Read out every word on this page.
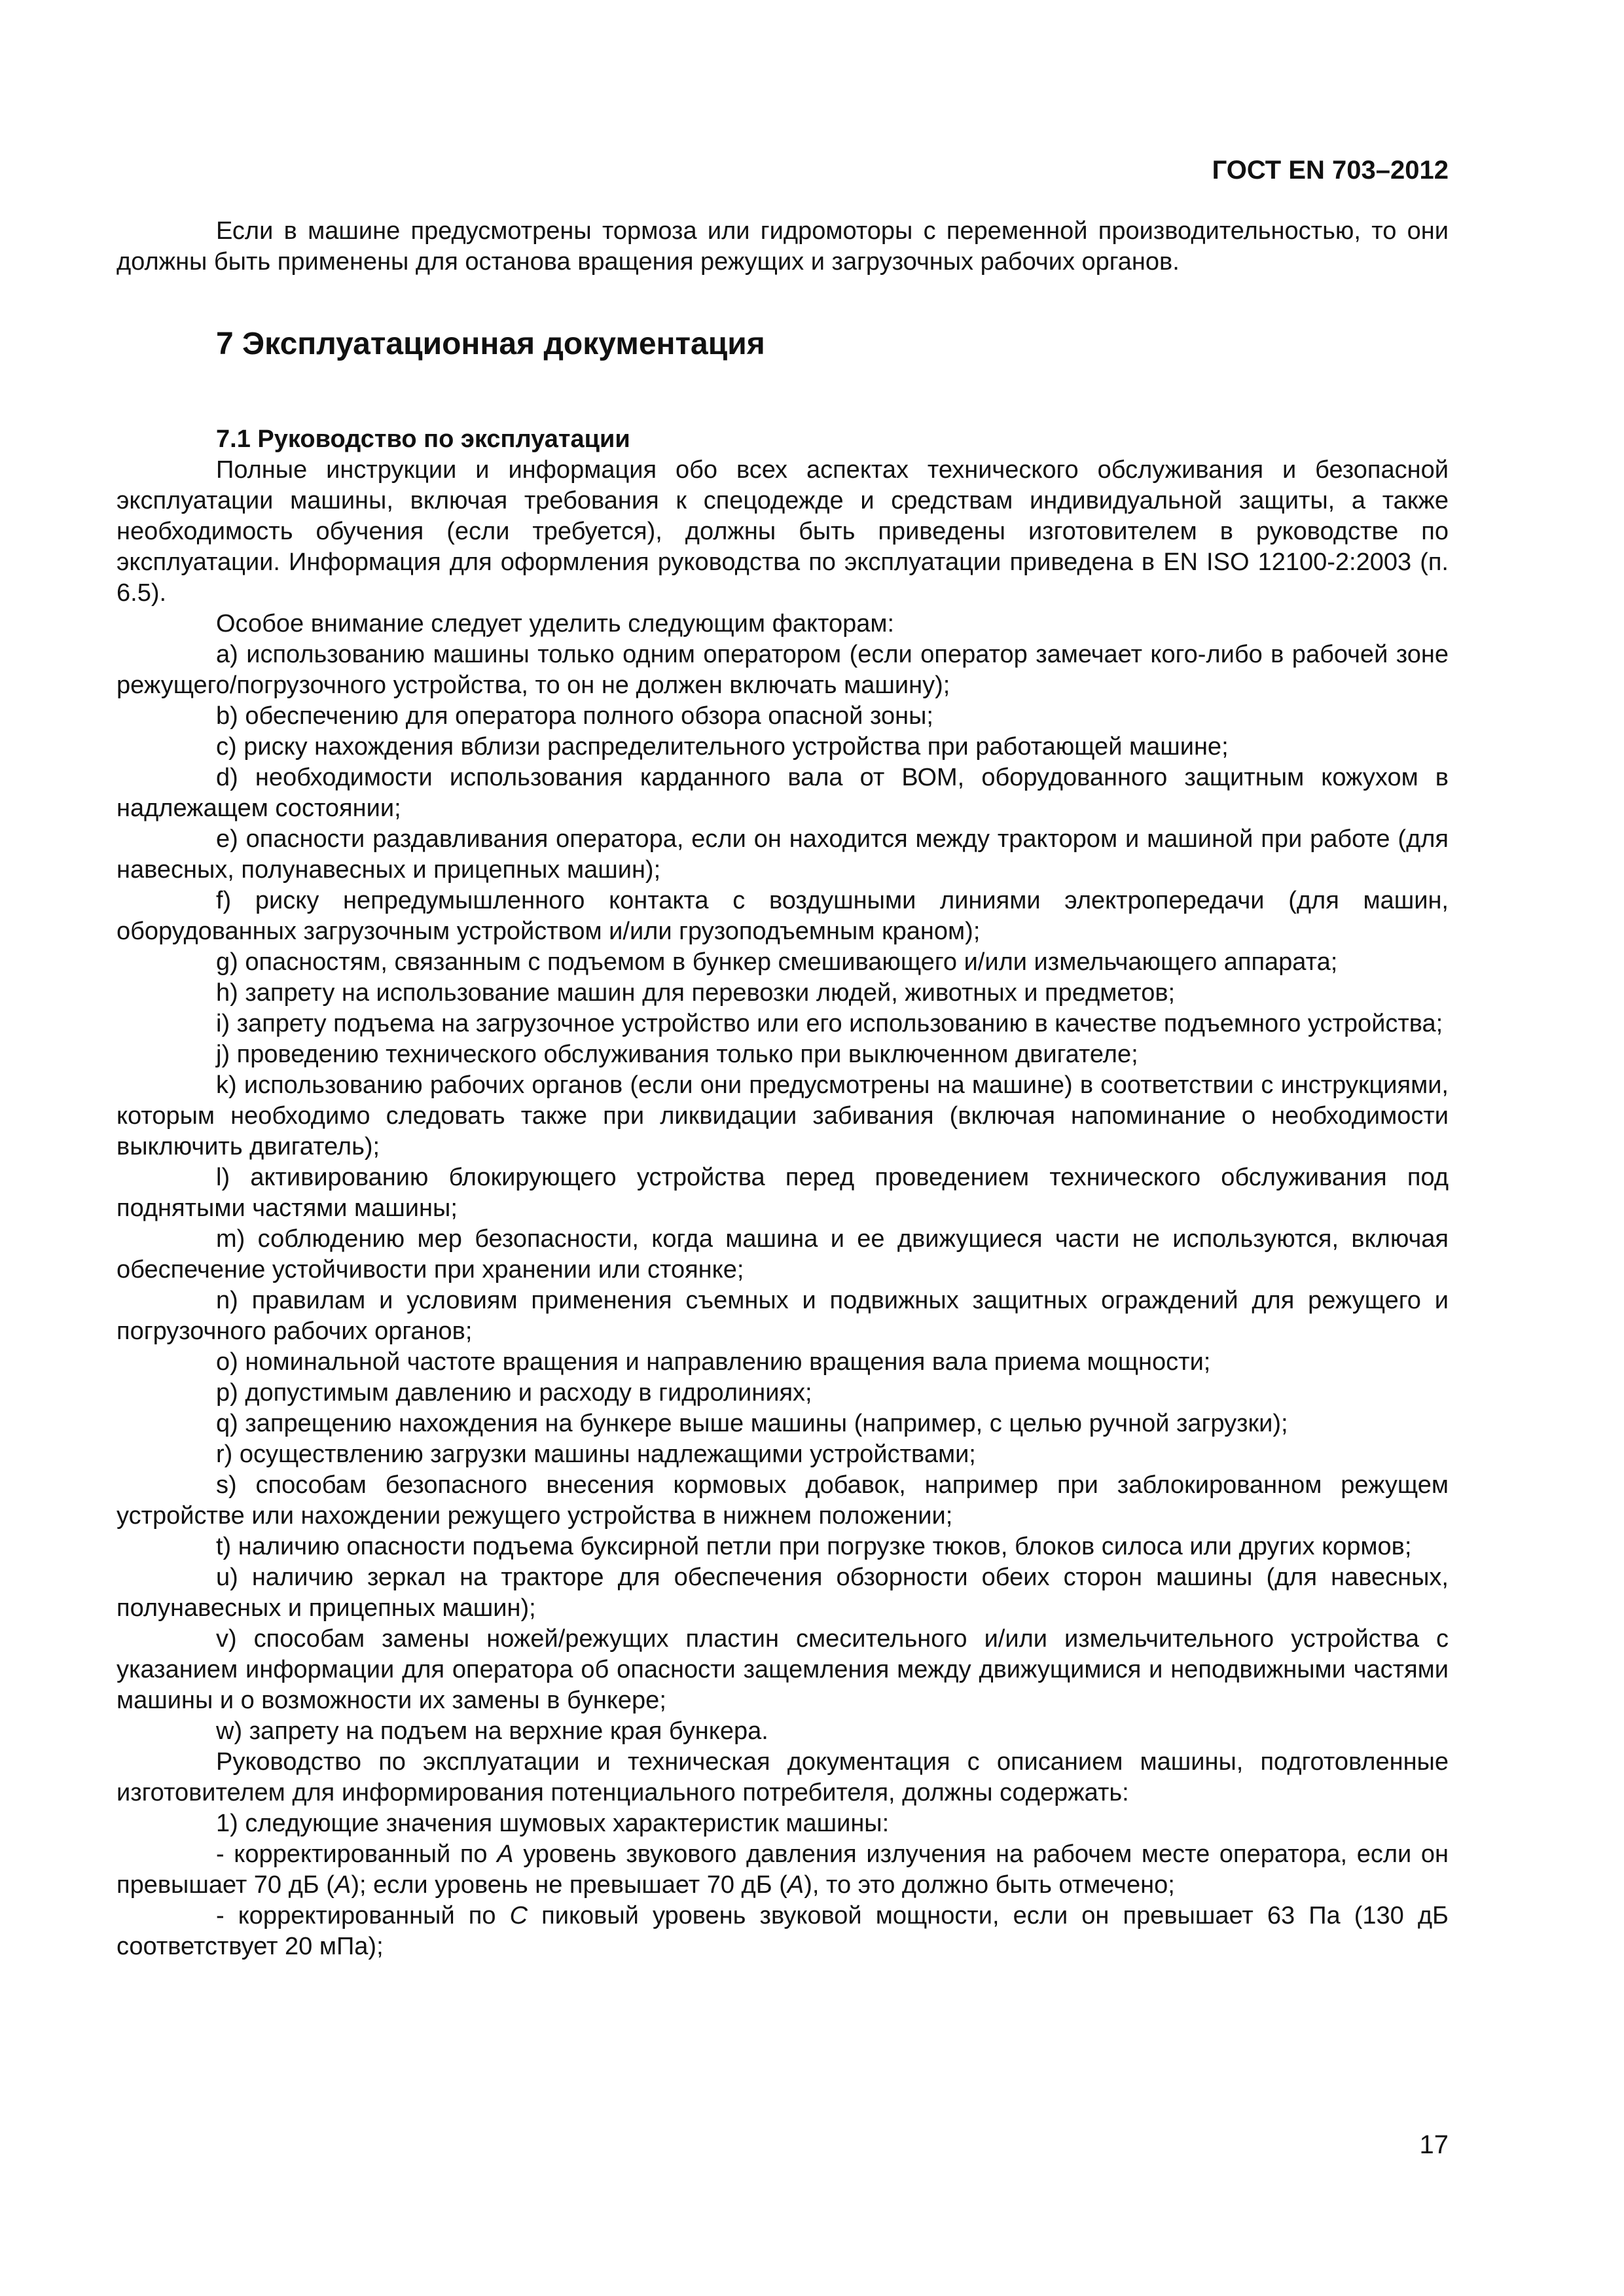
ГОСТ EN 703–2012

Если в машине предусмотрены тормоза или гидромоторы с переменной производительностью, то они должны быть применены для останова вращения режущих и загрузочных рабочих органов.

7 Эксплуатационная документация
7.1 Руководство по эксплуатации

Полные инструкции и информация обо всех аспектах технического обслуживания и безопасной эксплуатации машины, включая требования к спецодежде и средствам индивидуальной защиты, а также необходимость обучения (если требуется), должны быть приведены изготовителем в руководстве по эксплуатации. Информация для оформления руководства по эксплуатации приведена в EN ISO 12100-2:2003 (п. 6.5).

Особое внимание следует уделить следующим факторам:

a) использованию машины только одним оператором (если оператор замечает кого-либо в рабочей зоне режущего/погрузочного устройства, то он не должен включать машину);

b) обеспечению для оператора полного обзора опасной зоны;

c) риску нахождения вблизи распределительного устройства при работающей машине;

d) необходимости использования карданного вала от ВОМ, оборудованного защитным кожухом в надлежащем состоянии;

e) опасности раздавливания оператора, если он находится между трактором и машиной при работе (для навесных, полунавесных и прицепных машин);

f) риску непредумышленного контакта с воздушными линиями электропередачи (для машин, оборудованных загрузочным устройством и/или грузоподъемным краном);

g) опасностям, связанным с подъемом в бункер смешивающего и/или измельчающего аппарата;

h) запрету на использование машин для перевозки людей, животных и предметов;

i) запрету подъема на загрузочное устройство или его использованию в качестве подъемного устройства;

j) проведению технического обслуживания только при выключенном двигателе;

k) использованию рабочих органов (если они предусмотрены на машине) в соответствии с инструкциями, которым необходимо следовать также при ликвидации забивания (включая напоминание о необходимости выключить двигатель);

l) активированию блокирующего устройства перед проведением технического обслуживания под поднятыми частями машины;

m) соблюдению мер безопасности, когда машина и ее движущиеся части не используются, включая обеспечение устойчивости при хранении или стоянке;

n) правилам и условиям применения съемных и подвижных защитных ограждений для режущего и погрузочного рабочих органов;

o) номинальной частоте вращения и направлению вращения вала приема мощности;

p) допустимым давлению и расходу в гидролиниях;

q) запрещению нахождения на бункере выше машины (например, с целью ручной загрузки);

r) осуществлению загрузки машины надлежащими устройствами;

s) способам безопасного внесения кормовых добавок, например при заблокированном режущем устройстве или нахождении режущего устройства в нижнем положении;

t) наличию опасности подъема буксирной петли при погрузке тюков, блоков силоса или других кормов;

u) наличию зеркал на тракторе для обеспечения обзорности обеих сторон машины (для навесных, полунавесных и прицепных машин);

v) способам замены ножей/режущих пластин смесительного и/или измельчительного устройства с указанием информации для оператора об опасности защемления между движущимися и неподвижными частями машины и о возможности их замены в бункере;

w) запрету на подъем на верхние края бункера.

Руководство по эксплуатации и техническая документация с описанием машины, подготовленные изготовителем для информирования потенциального потребителя, должны содержать:

1) следующие значения шумовых характеристик машины:

- корректированный по A уровень звукового давления излучения на рабочем месте оператора, если он превышает 70 дБ (A); если уровень не превышает 70 дБ (A), то это должно быть отмечено;

- корректированный по C пиковый уровень звуковой мощности, если он превышает 63 Па (130 дБ соответствует 20 мПа);

17
